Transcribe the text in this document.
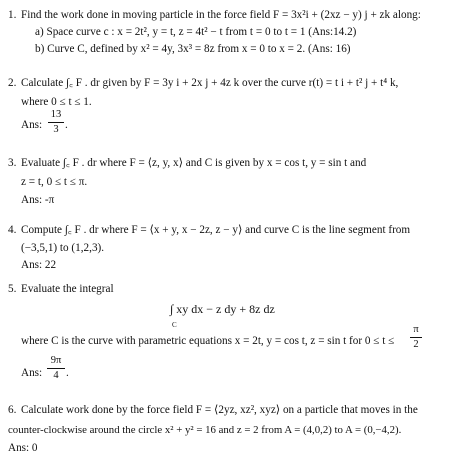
1. Find the work done in moving particle in the force field F = 3x²i + (2xz − y) j + zk along:
a) Space curve c : x = 2t², y = t, z = 4t² − t from t = 0 to t = 1 (Ans:14.2)
b) Curve C, defined by x² = 4y, 3x³ = 8z from x = 0 to x = 2. (Ans: 16)
2. Calculate ∫꜀ F . dr given by F = 3y i + 2x j + 4z k over the curve r(t) = t i + t² j + t⁴ k,
where 0 ≤ t ≤ 1.
Ans:
13
3 .
3. Evaluate ∫꜀ F . dr where F = ⟨z, y, x⟩ and C is given by x = cos t, y = sin t and
z = t, 0 ≤ t ≤ π.
Ans: -π
4. Compute ∫꜀ F . dr where F = ⟨x + y, x − 2z, z − y⟩ and curve C is the line segment from
(−3,5,1) to (1,2,3).
Ans: 22
5. Evaluate the integral
∫ xy dx − z dy + 8z dz
C
where C is the curve with parametric equations x = 2t, y = cos t, z = sin t for 0 ≤ t ≤
π
2
Ans:
9π
4 .
6. Calculate work done by the force field F = ⟨2yz, xz², xyz⟩ on a particle that moves in the
counter-clockwise around the circle x² + y² = 16 and z = 2 from A = (4,0,2) to A = (0,−4,2).
Ans: 0
